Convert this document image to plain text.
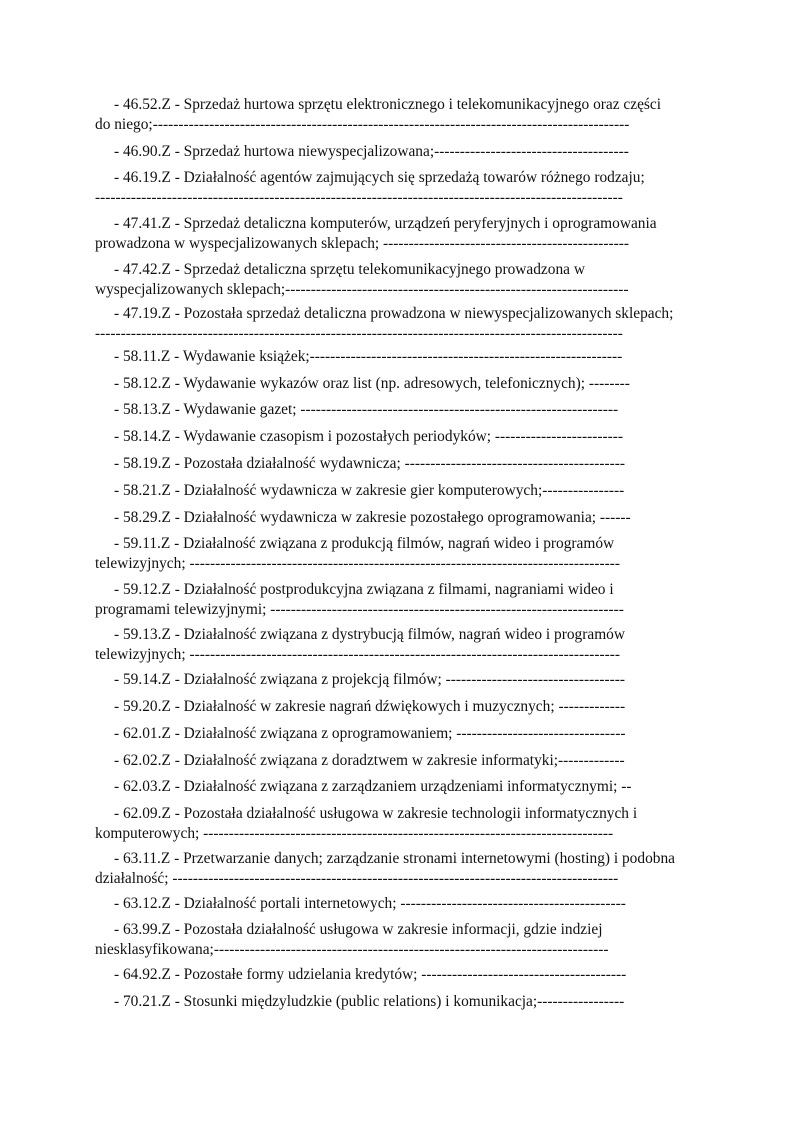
- 46.52.Z - Sprzedaż hurtowa sprzętu elektronicznego i telekomunikacyjnego oraz części
do niego;---------------------------------------------------------------------------------------------
- 46.90.Z - Sprzedaż hurtowa niewyspecjalizowana;--------------------------------------
- 46.19.Z - Działalność agentów zajmujących się sprzedażą towarów różnego rodzaju;
-------------------------------------------------------------------------------------------------------
- 47.41.Z - Sprzedaż detaliczna komputerów, urządzeń peryferyjnych i oprogramowania
prowadzona w wyspecjalizowanych sklepach; ------------------------------------------------
- 47.42.Z - Sprzedaż detaliczna sprzętu telekomunikacyjnego prowadzona w
wyspecjalizowanych sklepach;-------------------------------------------------------------------
- 47.19.Z - Pozostała sprzedaż detaliczna prowadzona w niewyspecjalizowanych sklepach;
-------------------------------------------------------------------------------------------------------
- 58.11.Z - Wydawanie książek;-------------------------------------------------------------
- 58.12.Z - Wydawanie wykazów oraz list (np. adresowych, telefonicznych); --------
- 58.13.Z - Wydawanie gazet; --------------------------------------------------------------
- 58.14.Z - Wydawanie czasopism i pozostałych periodyków; -------------------------
- 58.19.Z - Pozostała działalność wydawnicza; -------------------------------------------
- 58.21.Z - Działalność wydawnicza w zakresie gier komputerowych;----------------
- 58.29.Z - Działalność wydawnicza w zakresie pozostałego oprogramowania; ------
- 59.11.Z - Działalność związana z produkcją filmów, nagrań wideo i programów
telewizyjnych; ------------------------------------------------------------------------------------
- 59.12.Z - Działalność postprodukcyjna związana z filmami, nagraniami wideo i
programami telewizyjnymi; ---------------------------------------------------------------------
- 59.13.Z - Działalność związana z dystrybucją filmów, nagrań wideo i programów
telewizyjnych; ------------------------------------------------------------------------------------
- 59.14.Z - Działalność związana z projekcją filmów; -----------------------------------
- 59.20.Z - Działalność w zakresie nagrań dźwiękowych i muzycznych; -------------
- 62.01.Z - Działalność związana z oprogramowaniem; ---------------------------------
- 62.02.Z - Działalność związana z doradztwem w zakresie informatyki;-------------
- 62.03.Z - Działalność związana z zarządzaniem urządzeniami informatycznymi; --
- 62.09.Z - Pozostała działalność usługowa w zakresie technologii informatycznych i
komputerowych; --------------------------------------------------------------------------------
- 63.11.Z - Przetwarzanie danych; zarządzanie stronami internetowymi (hosting) i podobna
działalność; ---------------------------------------------------------------------------------------
- 63.12.Z - Działalność portali internetowych; --------------------------------------------
- 63.99.Z - Pozostała działalność usługowa w zakresie informacji, gdzie indziej
niesklasyfikowana;-----------------------------------------------------------------------------
- 64.92.Z - Pozostałe formy udzielania kredytów; ----------------------------------------
- 70.21.Z - Stosunki międzyludzkie (public relations) i komunikacja;-----------------
